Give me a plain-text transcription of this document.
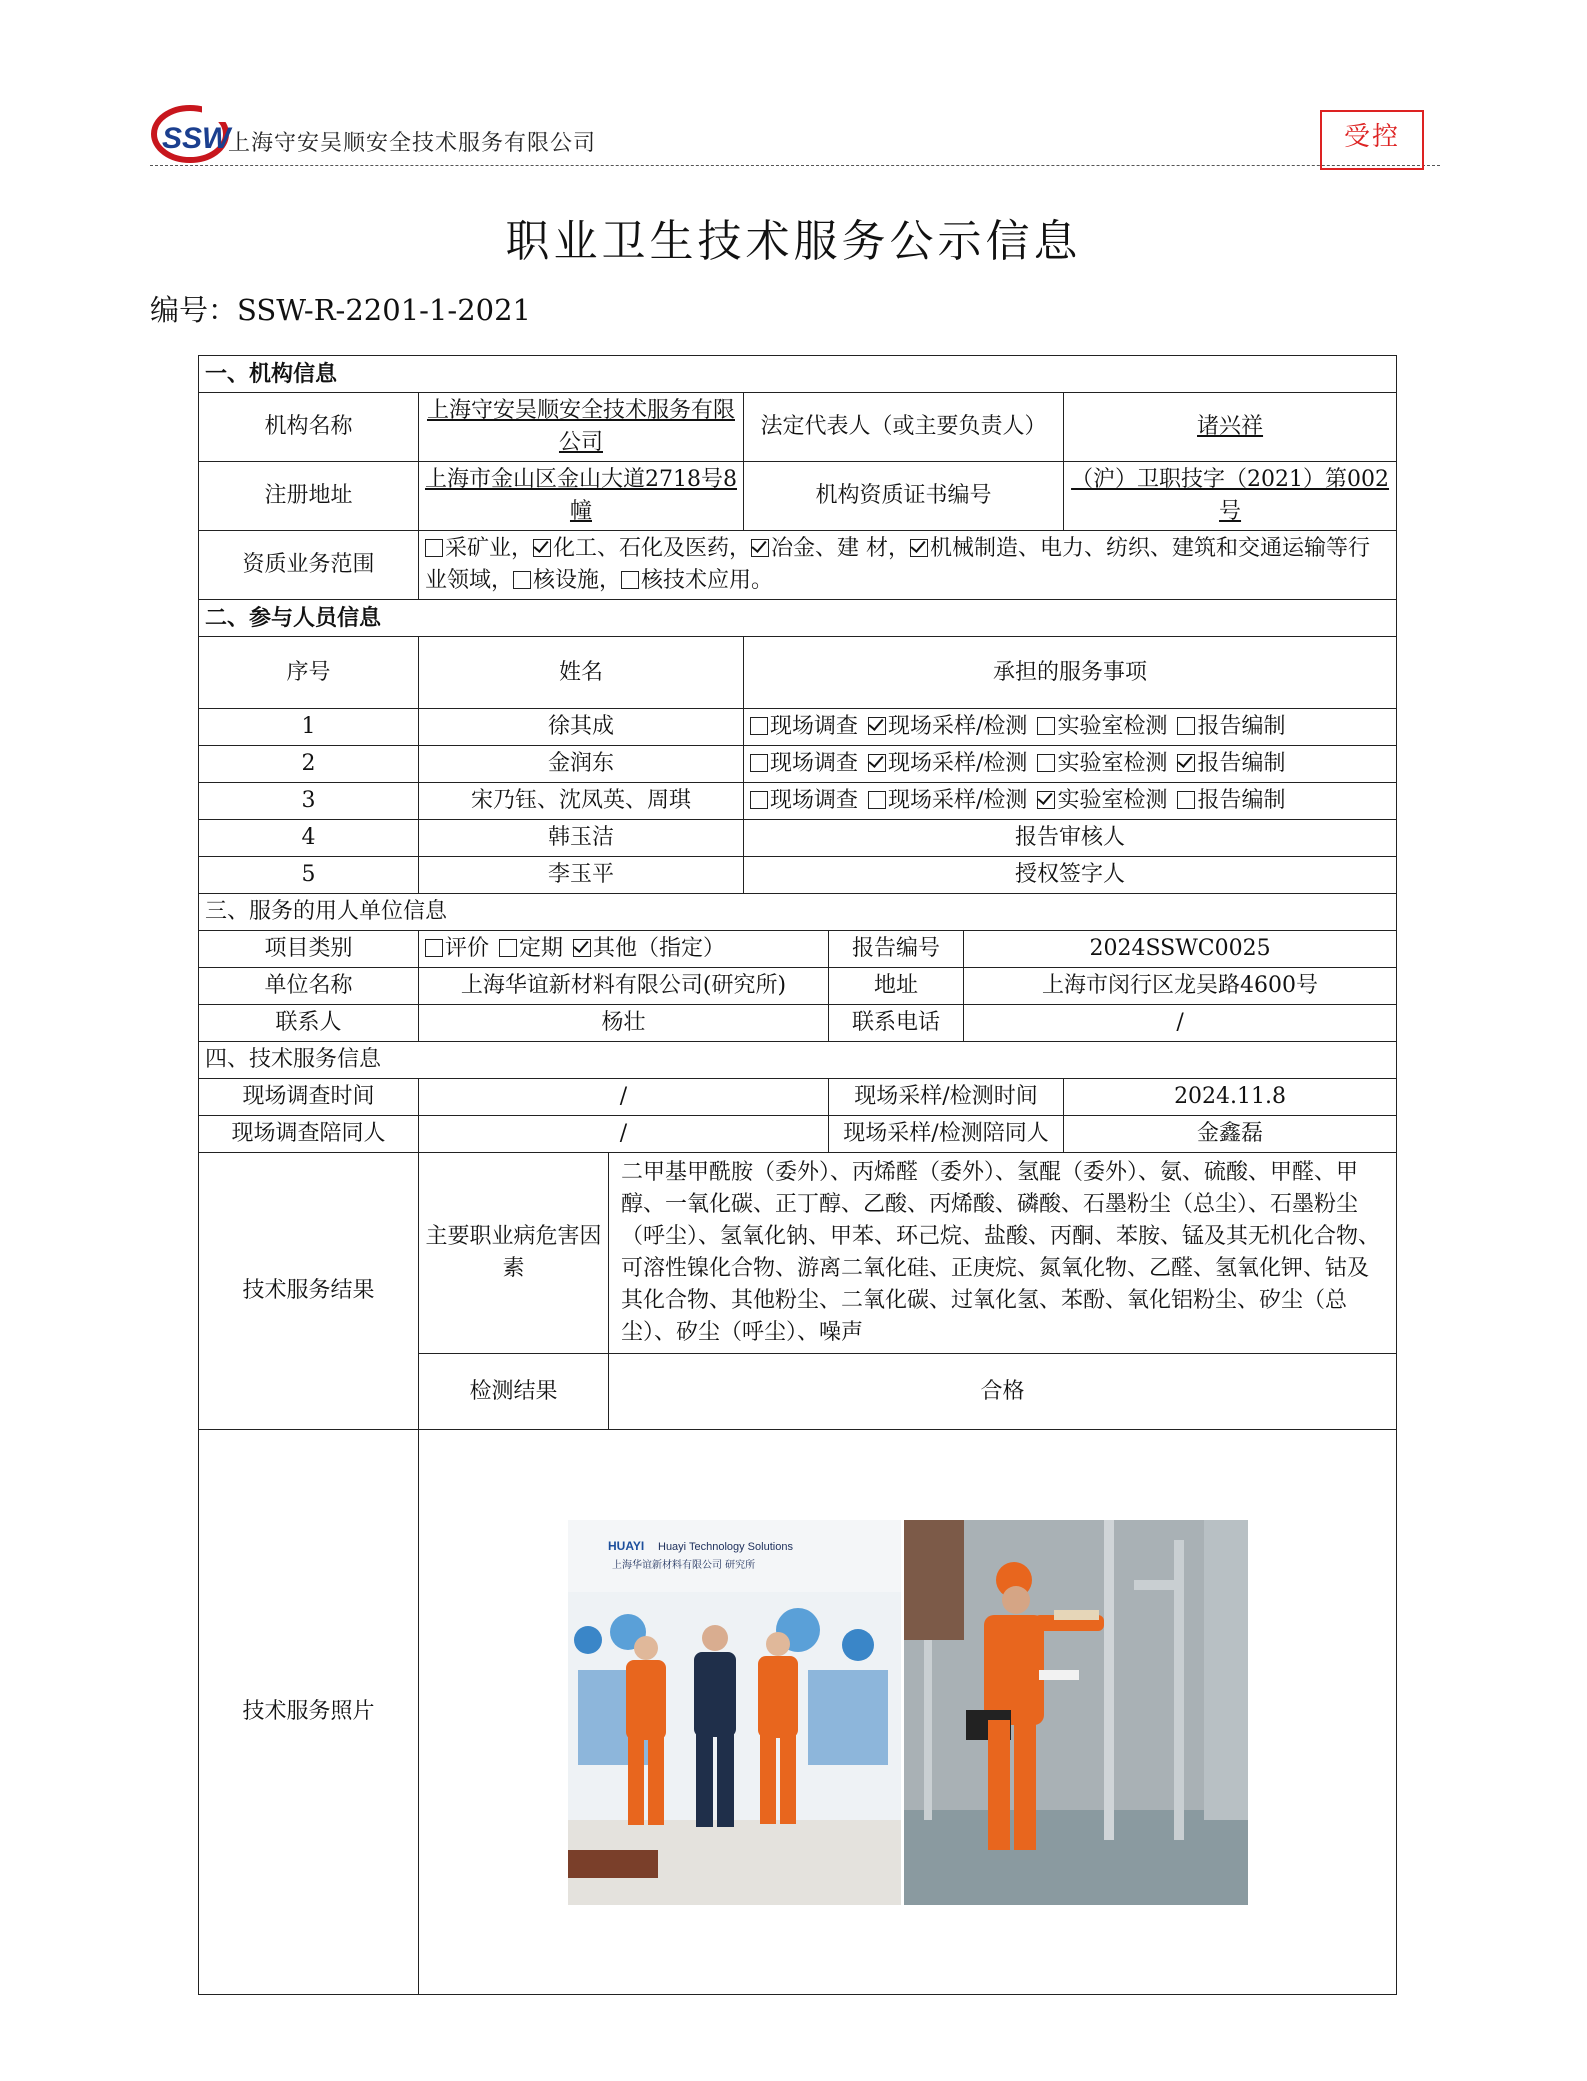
SSW
上海守安吴顺安全技术服务有限公司	受控
职业卫生技术服务公示信息
编号：SSW-R-2201-1-2021
一、机构信息						
机构名称	上海守安吴顺安全技术服务有限公司		法定代表人（或主要负责人）			诸兴祥
注册地址	上海市金山区金山大道2718号8幢		机构资质证书编号			（沪）卫职技字（2021）第002号
资质业务范围	采矿业， 化工、石化及医药， 冶金、建 材， 机械制造、电力、纺织、建筑和交通运输等行业领域， 核设施， 核技术应用。					
二、参与人员信息						
序号	姓名		承担的服务事项			
1	徐其成		现场调查 现场采样/检测 实验室检测 报告编制			
2	金润东		现场调查 现场采样/检测 实验室检测 报告编制			
3	宋乃钰、沈凤英、周琪		现场调查 现场采样/检测 实验室检测 报告编制			
4	韩玉洁		报告审核人			
5	李玉平		授权签字人			
三、服务的用人单位信息						
项目类别	评价 定期 其他（指定）			报告编号	2024SSWC0025	
单位名称	上海华谊新材料有限公司(研究所)			地址	上海市闵行区龙吴路4600号	
联系人	杨壮			联系电话	/	
四、技术服务信息						
现场调查时间	/			现场采样/检测时间		2024.11.8
现场调查陪同人	/			现场采样/检测陪同人		金鑫磊
技术服务结果	主要职业病危害因素	二甲基甲酰胺（委外）、丙烯醛（委外）、氢醌（委外）、氨、硫酸、甲醛、甲醇、一氧化碳、正丁醇、乙酸、丙烯酸、磷酸、石墨粉尘（总尘）、石墨粉尘（呼尘）、氢氧化钠、甲苯、环己烷、盐酸、丙酮、苯胺、锰及其无机化合物、可溶性镍化合物、游离二氧化硅、正庚烷、氮氧化物、乙醛、氢氧化钾、钴及其化合物、其他粉尘、二氧化碳、过氧化氢、苯酚、氧化铝粉尘、矽尘（总尘）、矽尘（呼尘）、噪声				
	检测结果	合格				
技术服务照片	HUAYI Huayi Technology Solutions
上海华谊新材料有限公司 研究所					
